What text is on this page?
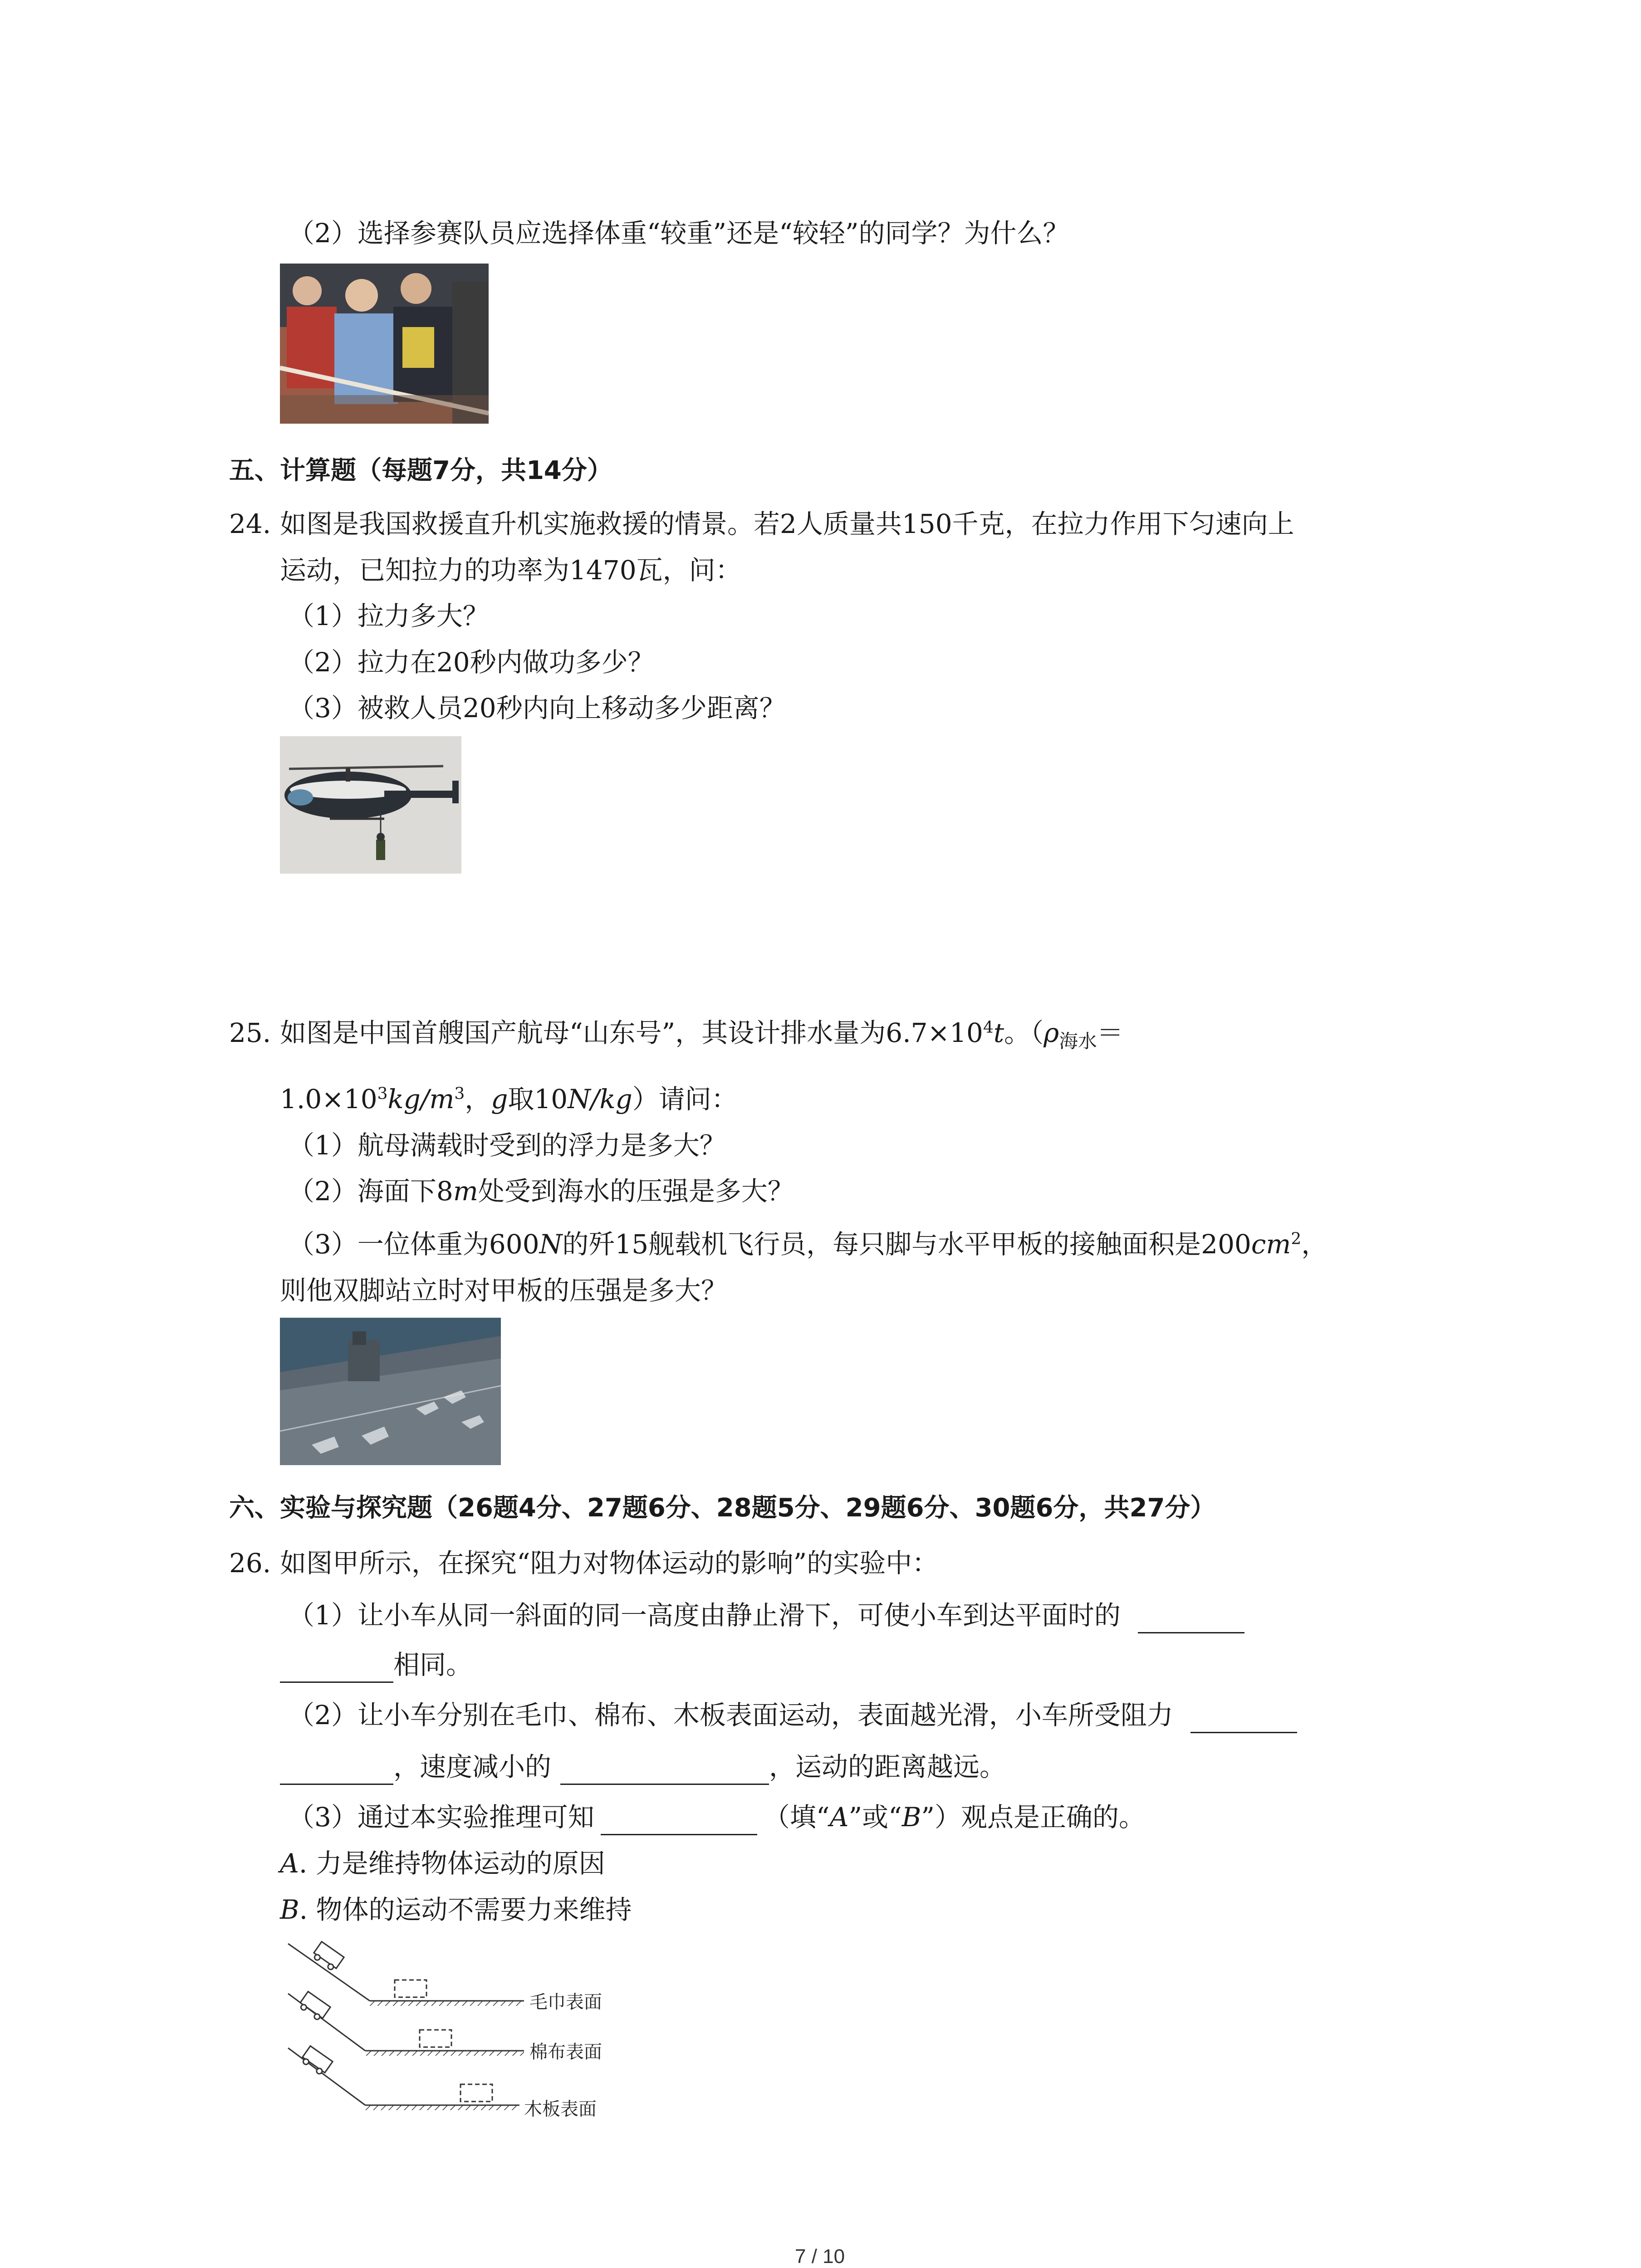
（2）选择参赛队员应选择体重“较重”还是“较轻”的同学？为什么？
五、计算题（每题7分，共14分）
24. 如图是我国救援直升机实施救援的情景。若2人质量共150千克，在拉力作用下匀速向上
运动，已知拉力的功率为1470瓦，问：
（1）拉力多大？
（2）拉力在20秒内做功多少？
（3）被救人员20秒内向上移动多少距离？
25. 如图是中国首艘国产航母“山东号”，其设计排水量为$6.7\times 10^4t$。（$\rho_{海水}=$
$1.0\times 10^3kg/m^3$，g取10N/kg）请问：
（1）航母满载时受到的浮力是多大？
（2）海面下8m处受到海水的压强是多大？
（3）一位体重为600N的歼15舰载机飞行员，每只脚与水平甲板的接触面积是$200cm^2$，
则他双脚站立时对甲板的压强是多大？
六、实验与探究题（26题4分、27题6分、28题5分、29题6分、30题6分，共27分）
26. 如图甲所示，在探究“阻力对物体运动的影响”的实验中：
（1）让小车从同一斜面的同一高度由静止滑下，可使小车到达平面时的
相同。
（2）让小车分别在毛巾、棉布、木板表面运动，表面越光滑，小车所受阻力
，速度减小的	，运动的距离越远。
（3）通过本实验推理可知	（填“A”或“B”）观点是正确的。
A. 力是维持物体运动的原因
B. 物体的运动不需要力来维持
毛巾表面
棉布表面
木板表面
7 / 10
